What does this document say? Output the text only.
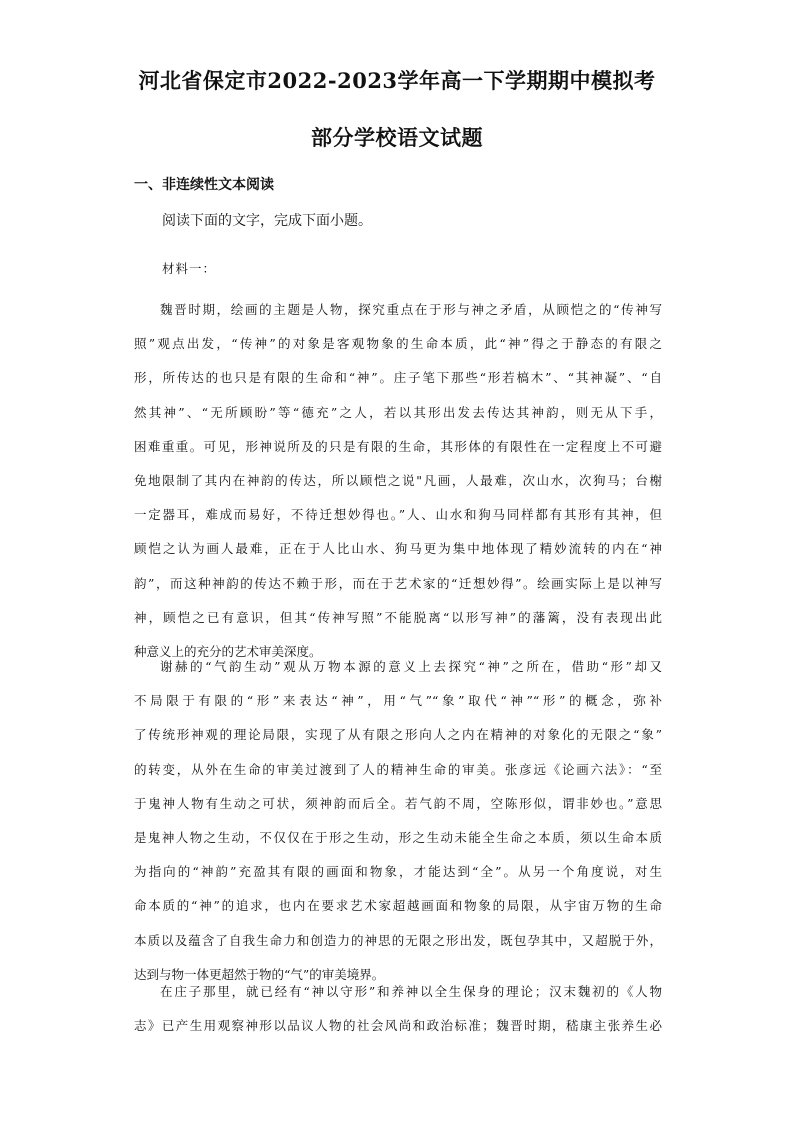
河北省保定市2022-2023学年高一下学期期中模拟考
部分学校语文试题
一、非连续性文本阅读
阅读下面的文字，完成下面小题。
材料一：
魏晋时期，绘画的主题是人物，探究重点在于形与神之矛盾，从顾恺之的“传神写
照”观点出发，“传神”的对象是客观物象的生命本质，此“神”得之于静态的有限之
形，所传达的也只是有限的生命和“神”。庄子笔下那些“形若槁木”、“其神凝”、“自
然其神”、“无所顾盼”等“德充”之人，若以其形出发去传达其神韵，则无从下手，
困难重重。可见，形神说所及的只是有限的生命，其形体的有限性在一定程度上不可避
免地限制了其内在神韵的传达，所以顾恺之说"凡画，人最难，次山水，次狗马；台榭
一定器耳，难成而易好，不待迁想妙得也。”人、山水和狗马同样都有其形有其神，但
顾恺之认为画人最难，正在于人比山水、狗马更为集中地体现了精妙流转的内在“神
韵”，而这种神韵的传达不赖于形，而在于艺术家的“迁想妙得”。绘画实际上是以神写
神，顾恺之已有意识，但其“传神写照”不能脱离“以形写神”的藩篱，没有表现出此
种意义上的充分的艺术审美深度。
谢赫的“气韵生动”观从万物本源的意义上去探究“神”之所在，借助“形”却又
不局限于有限的“形”来表达“神”，用“气”“象”取代“神”“形”的概念，弥补
了传统形神观的理论局限，实现了从有限之形向人之内在精神的对象化的无限之“象”
的转变，从外在生命的审美过渡到了人的精神生命的审美。张彦远《论画六法》：“至
于鬼神人物有生动之可状，须神韵而后全。若气韵不周，空陈形似，谓非妙也。”意思
是鬼神人物之生动，不仅仅在于形之生动，形之生动未能全生命之本质，须以生命本质
为指向的“神韵”充盈其有限的画面和物象，才能达到“全”。从另一个角度说，对生
命本质的“神”的追求，也内在要求艺术家超越画面和物象的局限，从宇宙万物的生命
本质以及蕴含了自我生命力和创造力的神思的无限之形出发，既包孕其中，又超脱于外，
达到与物一体更超然于物的“气”的审美境界。
在庄子那里，就已经有“神以守形”和养神以全生保身的理论；汉末魏初的《人物
志》已产生用观察神形以品议人物的社会风尚和政治标准；魏晋时期，嵇康主张养生必
